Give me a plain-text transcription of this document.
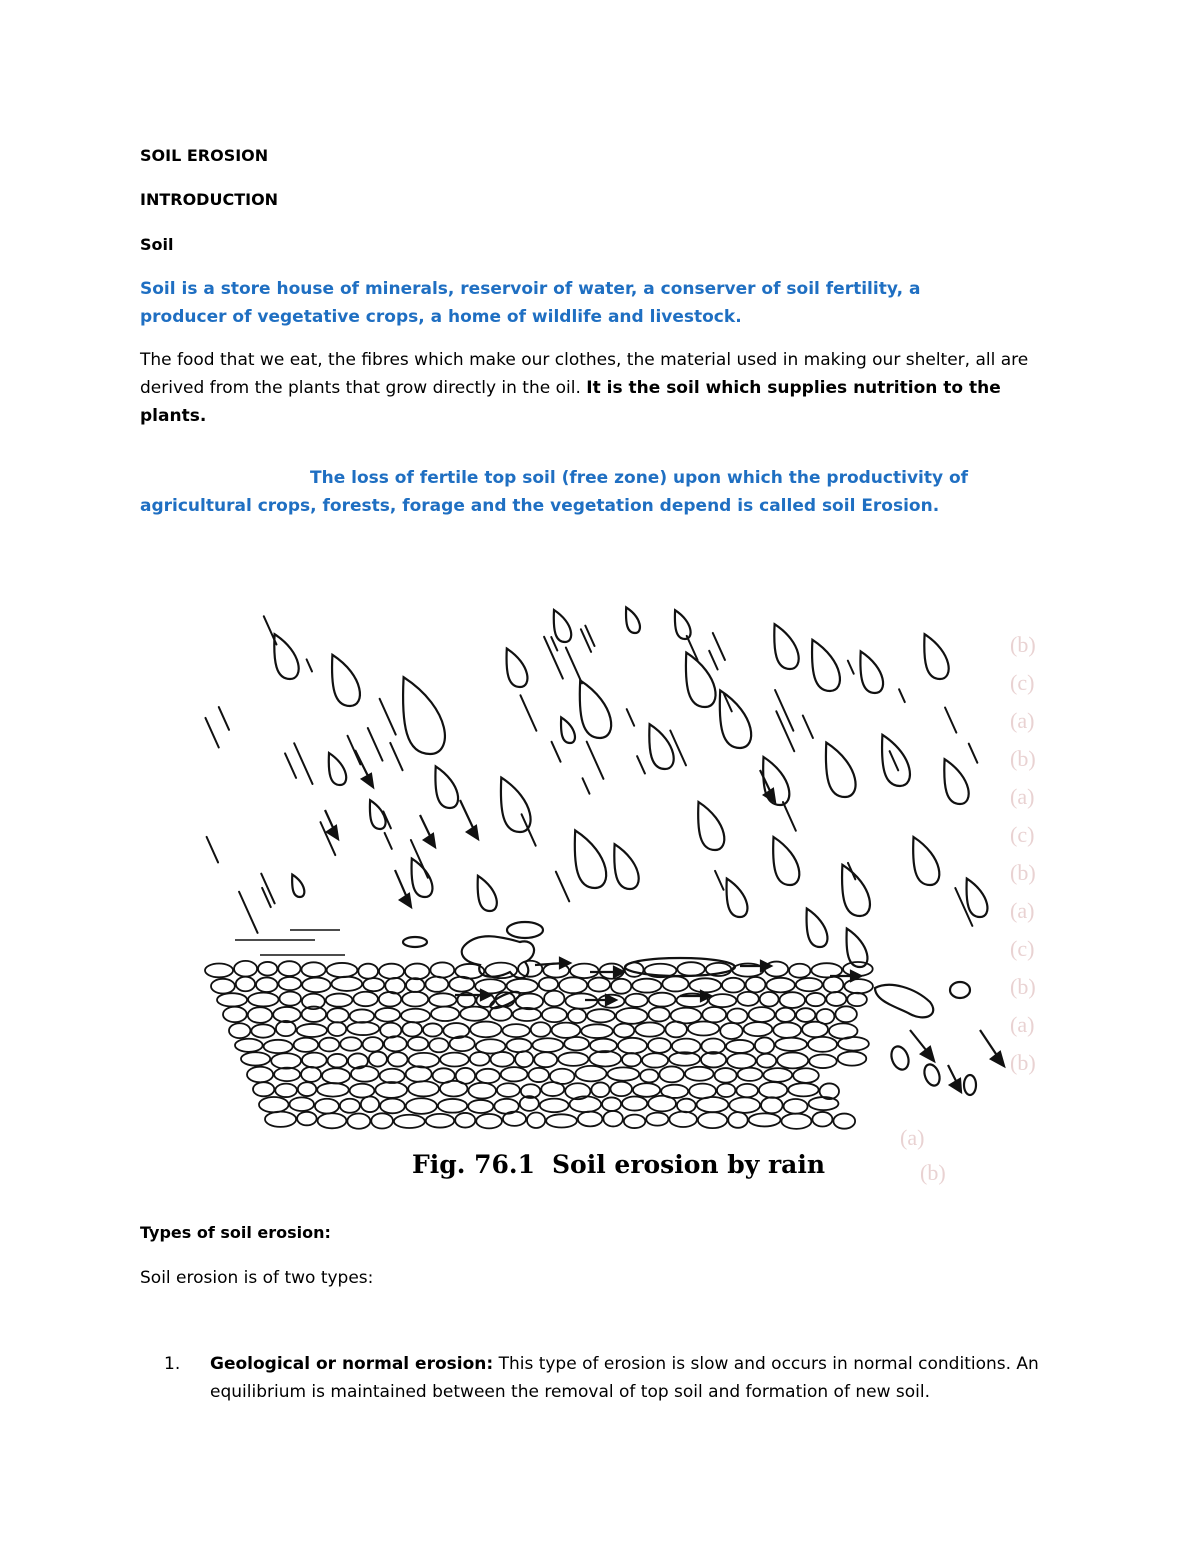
SOIL EROSION
INTRODUCTION
Soil

Soil is a store house of minerals, reservoir of water, a conserver of soil fertility, a producer of vegetative crops, a home of wildlife and livestock.

The food that we eat, the fibres which make our clothes, the material used in making our shelter, all are derived from the plants that grow directly in the oil. It is the soil which supplies nutrition to the plants.

The loss of fertile top soil (free zone) upon which the productivity of agricultural crops, forests, forage and the vegetation depend is called soil Erosion.

(b)
(c)
(a)
(b)
(a)
(c)
(b)
(a)
(c)
(b)
(a)
(b)
(a)
(b)
Fig. 76.1 Soil erosion by rain
Types of soil erosion:
Soil erosion is of two types:
1. Geological or normal erosion: This type of erosion is slow and occurs in normal conditions. An equilibrium is maintained between the removal of top soil and formation of new soil.
